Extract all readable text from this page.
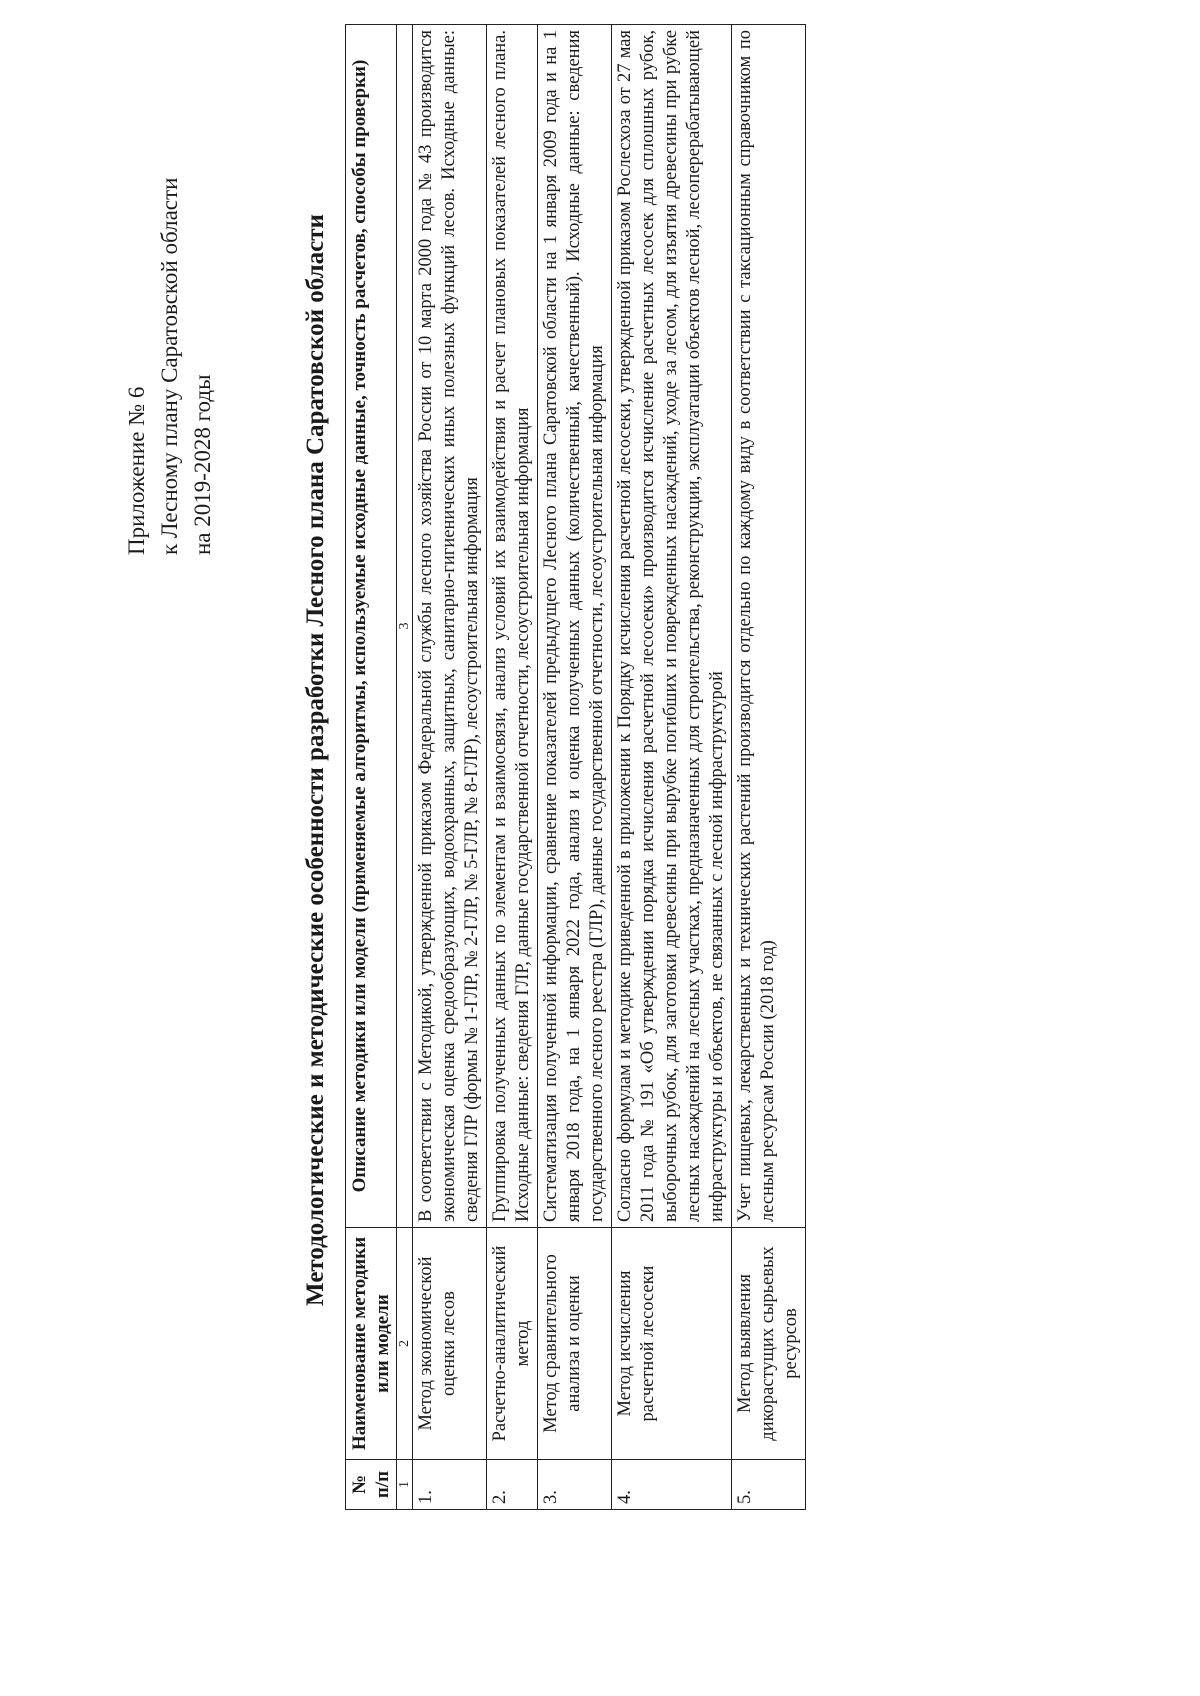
Приложение № 6 к Лесному плану Саратовской области на 2019-2028 годы	Методологические и методические особенности разработки Лесного плана Саратовской области
№ п/п	Наименование методики или модели	Описание методики или модели (применяемые алгоритмы, используемые исходные данные, точность расчетов, способы проверки)
1	2	3
1.	Метод экономической оценки лесов	В соответствии с Методикой, утвержденной приказом Федеральной службы лесного хозяйства России от 10 марта 2000 года № 43 производится экономическая оценка средообразующих, водоохранных, защитных, санитарно-гигиенических иных полезных функций лесов. Исходные данные: сведения ГЛР (формы № 1-ГЛР, № 2-ГЛР, № 5-ГЛР, № 8-ГЛР), лесоустроительная информация
2.	Расчетно-аналитический метод	Группировка полученных данных по элементам и взаимосвязи, анализ условий их взаимодействия и расчет плановых показателей лесного плана. Исходные данные: сведения ГЛР, данные государственной отчетности, лесоустроительная информация
3.	Метод сравнительного анализа и оценки	Систематизация полученной информации, сравнение показателей предыдущего Лесного плана Саратовской области на 1 января 2009 года и на 1 января 2018 года, на 1 января 2022 года, анализ и оценка полученных данных (количественный, качественный). Исходные данные: сведения государственного лесного реестра (ГЛР), данные государственной отчетности, лесоустроительная информация
4.	Метод исчисления расчетной лесосеки	Согласно формулам и методике приведенной в приложении к Порядку исчисления расчетной лесосеки, утвержденной приказом Рослесхоза от 27 мая 2011 года № 191 «Об утверждении порядка исчисления расчетной лесосеки» производится исчисление расчетных лесосек для сплошных рубок, выборочных рубок, для заготовки древесины при вырубке погибших и поврежденных насаждений, уходе за лесом, для изъятия древесины при рубке лесных насаждений на лесных участках, предназначенных для строительства, реконструкции, эксплуатации объектов лесной, лесоперерабатывающей инфраструктуры и объектов, не связанных с лесной инфраструктурой
5.	Метод выявления дикорастущих сырьевых ресурсов	Учет пищевых, лекарственных и технических растений производится отдельно по каждому виду в соответствии с таксационным справочником по лесным ресурсам России (2018 год)
